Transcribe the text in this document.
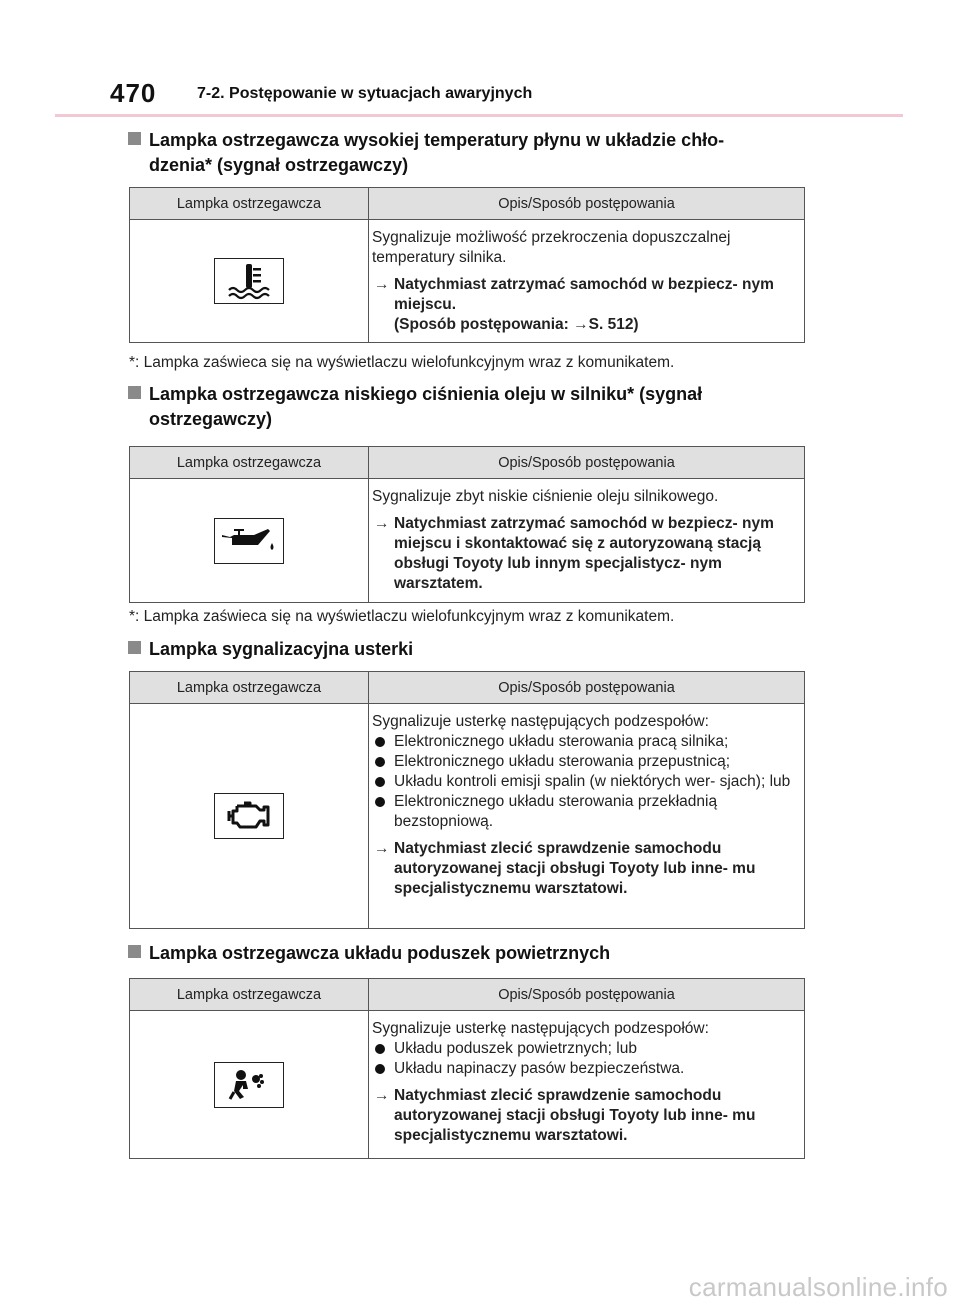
470	7-2. Postępowanie w sytuacjach awaryjnych
Lampka ostrzegawcza wysokiej temperatury płynu w układzie chło-
dzenia* (sygnał ostrzegawczy)
Lampka ostrzegawcza	Opis/Sposób postępowania
Sygnalizuje możliwość przekroczenia dopuszczalnej temperatury silnika.
→ Natychmiast zatrzymać samochód w bezpiecz- nym miejscu.
(Sposób postępowania: →S. 512)
*: Lampka zaświeca się na wyświetlaczu wielofunkcyjnym wraz z komunikatem.
Lampka ostrzegawcza niskiego ciśnienia oleju w silniku* (sygnał
ostrzegawczy)
Lampka ostrzegawcza	Opis/Sposób postępowania
Sygnalizuje zbyt niskie ciśnienie oleju silnikowego.
→ Natychmiast zatrzymać samochód w bezpiecz- nym miejscu i skontaktować się z autoryzowaną stacją obsługi Toyoty lub innym specjalistycz- nym warsztatem.
*: Lampka zaświeca się na wyświetlaczu wielofunkcyjnym wraz z komunikatem.
Lampka sygnalizacyjna usterki
Lampka ostrzegawcza	Opis/Sposób postępowania
Sygnalizuje usterkę następujących podzespołów:
Elektronicznego układu sterowania pracą silnika;
Elektronicznego układu sterowania przepustnicą;
Układu kontroli emisji spalin (w niektórych wer- sjach); lub
Elektronicznego układu sterowania przekładnią bezstopniową.
→ Natychmiast zlecić sprawdzenie samochodu autoryzowanej stacji obsługi Toyoty lub inne- mu specjalistycznemu warsztatowi.
Lampka ostrzegawcza układu poduszek powietrznych
Lampka ostrzegawcza	Opis/Sposób postępowania
Sygnalizuje usterkę następujących podzespołów:
Układu poduszek powietrznych; lub
Układu napinaczy pasów bezpieczeństwa.
→ Natychmiast zlecić sprawdzenie samochodu autoryzowanej stacji obsługi Toyoty lub inne- mu specjalistycznemu warsztatowi.
carmanualsonline.info
